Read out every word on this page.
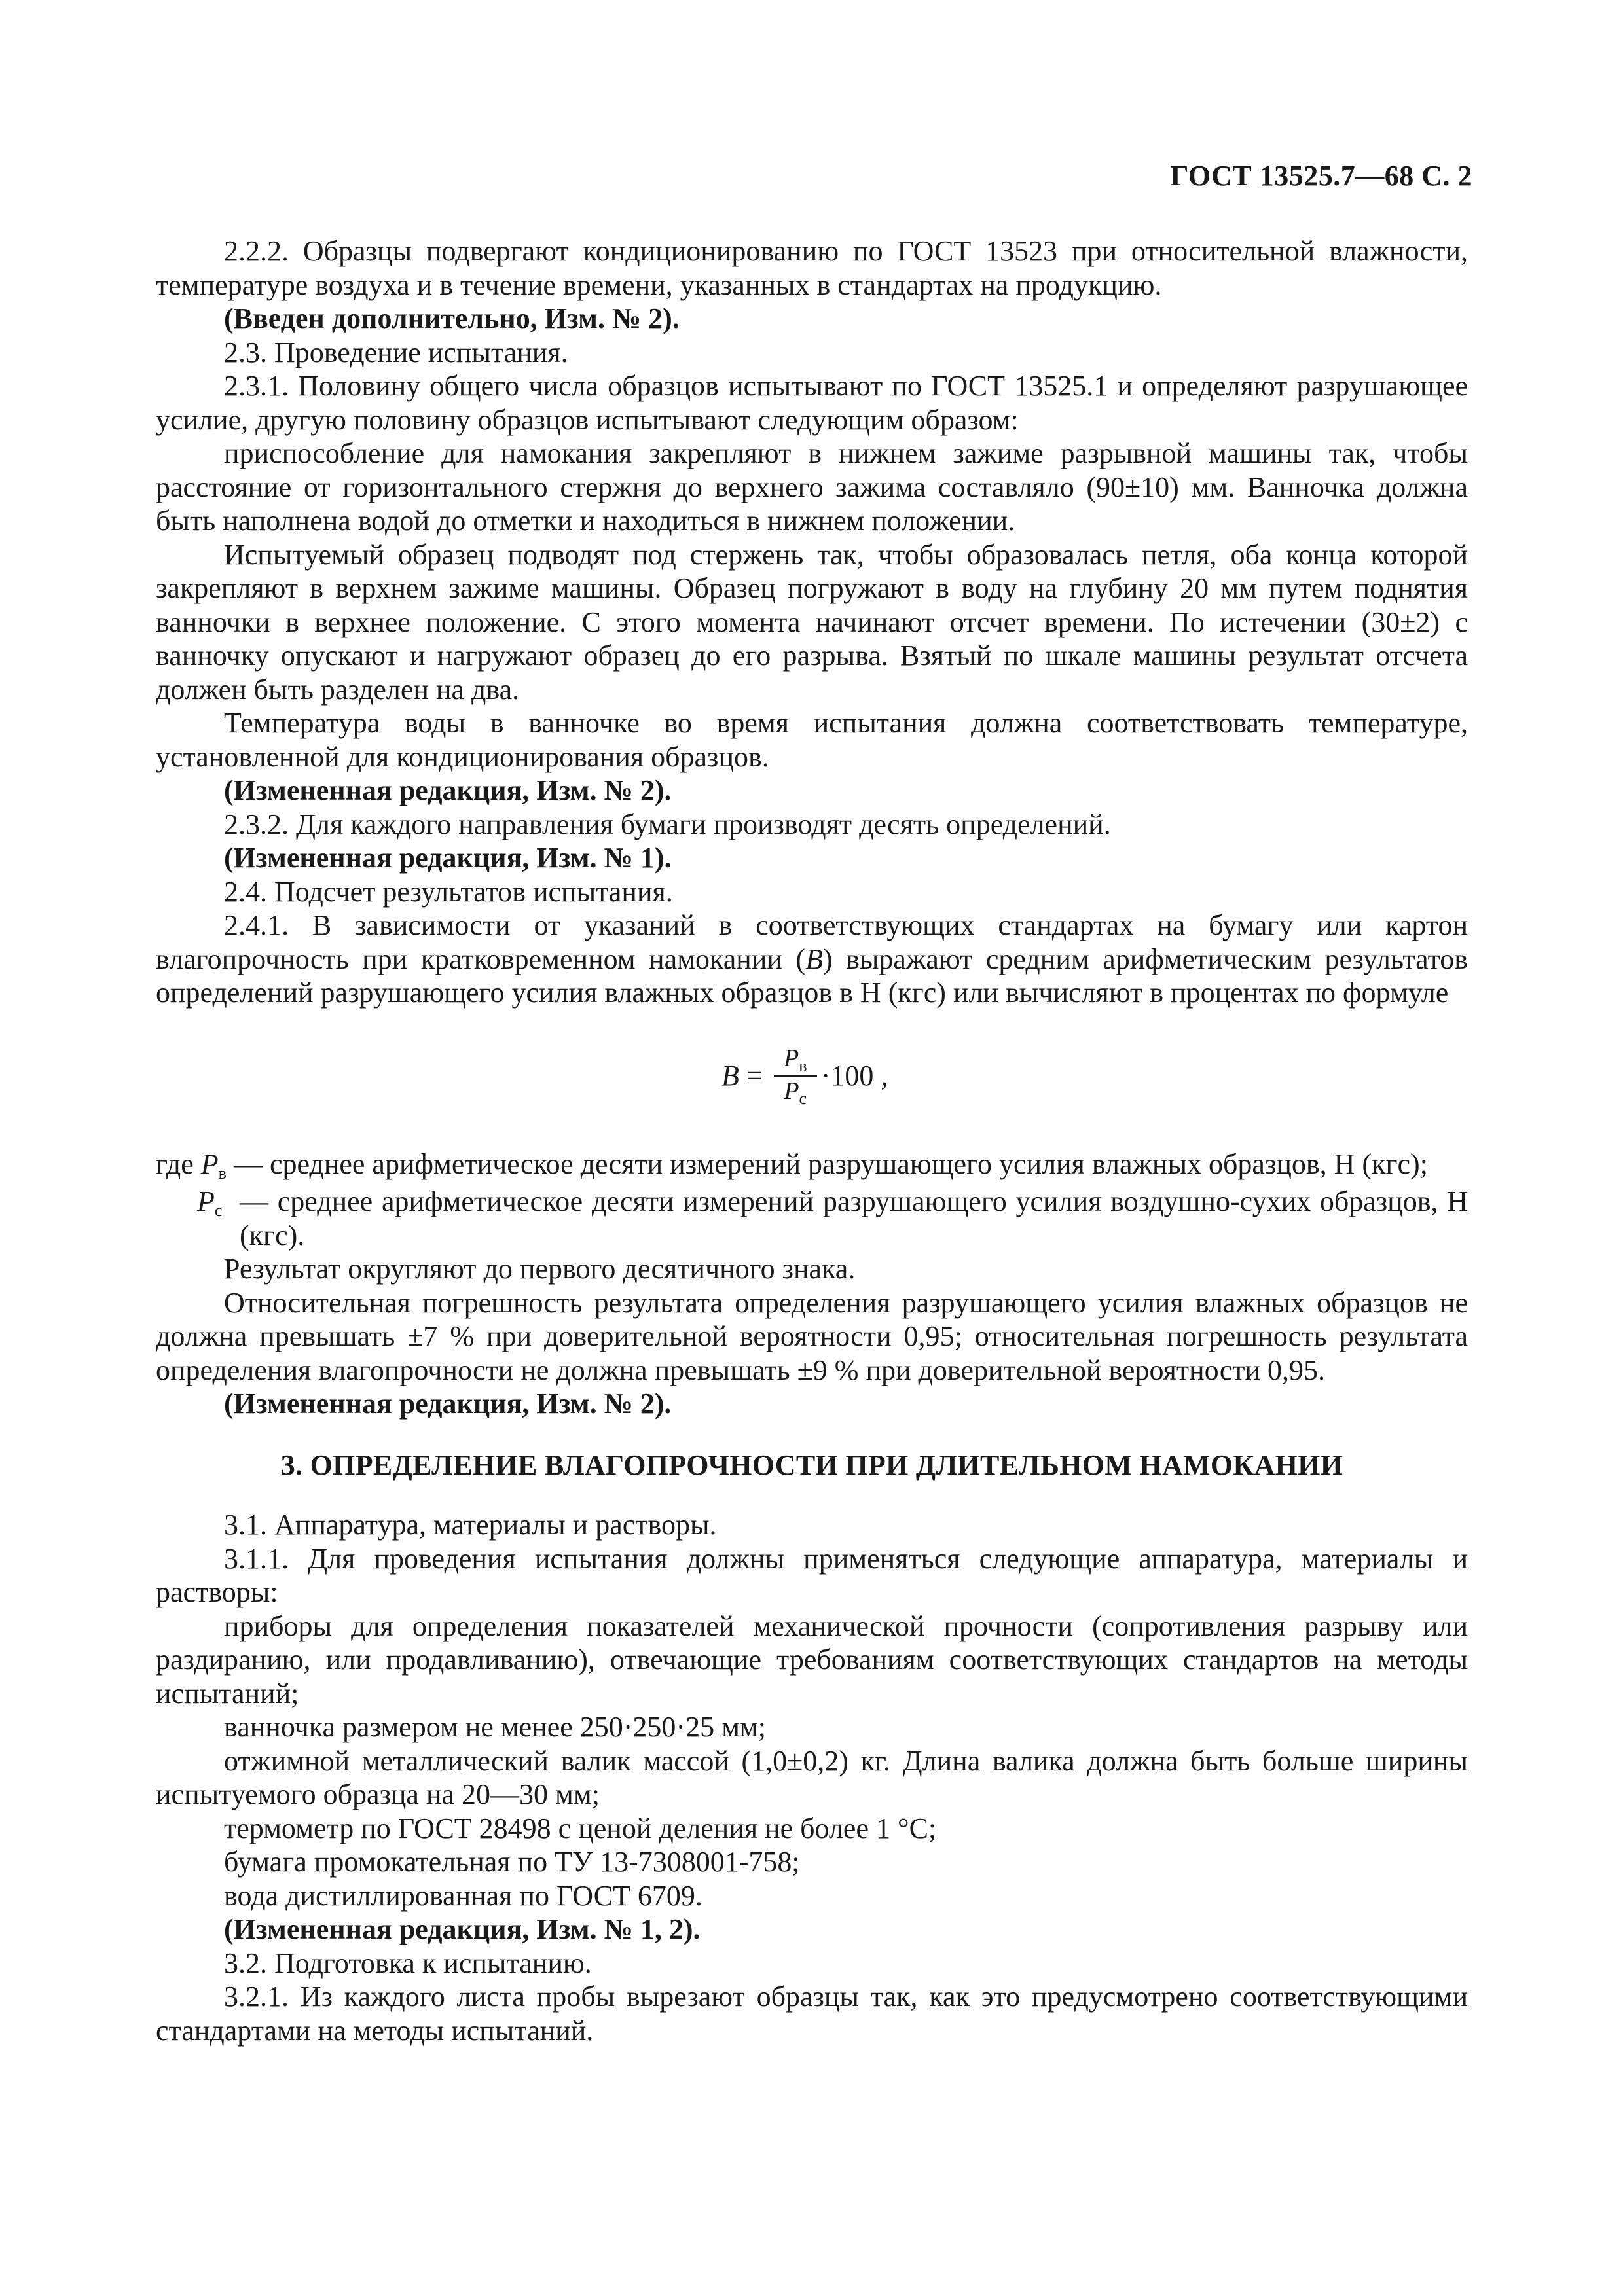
ГОСТ 13525.7—68 С. 2

2.2.2. Образцы подвергают кондиционированию по ГОСТ 13523 при относительной влажности, температуре воздуха и в течение времени, указанных в стандартах на продукцию.

(Введен дополнительно, Изм. № 2).

2.3. Проведение испытания.

2.3.1. Половину общего числа образцов испытывают по ГОСТ 13525.1 и определяют разрушающее усилие, другую половину образцов испытывают следующим образом:

приспособление для намокания закрепляют в нижнем зажиме разрывной машины так, чтобы расстояние от горизонтального стержня до верхнего зажима составляло (90±10) мм. Ванночка должна быть наполнена водой до отметки и находиться в нижнем положении.

Испытуемый образец подводят под стержень так, чтобы образовалась петля, оба конца которой закрепляют в верхнем зажиме машины. Образец погружают в воду на глубину 20 мм путем поднятия ванночки в верхнее положение. С этого момента начинают отсчет времени. По истечении (30±2) с ванночку опускают и нагружают образец до его разрыва. Взятый по шкале машины результат отсчета должен быть разделен на два.

Температура воды в ванночке во время испытания должна соответствовать температуре, установленной для кондиционирования образцов.

(Измененная редакция, Изм. № 2).

2.3.2. Для каждого направления бумаги производят десять определений.

(Измененная редакция, Изм. № 1).

2.4. Подсчет результатов испытания.

2.4.1. В зависимости от указаний в соответствующих стандартах на бумагу или картон влагопрочность при кратковременном намокании (B) выражают средним арифметическим результатов определений разрушающего усилия влажных образцов в Н (кгс) или вычисляют в процентах по формуле

$B = \frac{P_в}{P_с} \cdot 100$ ,

где Pв — среднее арифметическое десяти измерений разрушающего усилия влажных образцов, Н (кгс);

Pс — среднее арифметическое десяти измерений разрушающего усилия воздушно-сухих образцов, Н (кгс).

Результат округляют до первого десятичного знака.

Относительная погрешность результата определения разрушающего усилия влажных образцов не должна превышать ±7 % при доверительной вероятности 0,95; относительная погрешность результата определения влагопрочности не должна превышать ±9 % при доверительной вероятности 0,95.

(Измененная редакция, Изм. № 2).

3. ОПРЕДЕЛЕНИЕ ВЛАГОПРОЧНОСТИ ПРИ ДЛИТЕЛЬНОМ НАМОКАНИИ

3.1. Аппаратура, материалы и растворы.

3.1.1. Для проведения испытания должны применяться следующие аппаратура, материалы и растворы:

приборы для определения показателей механической прочности (сопротивления разрыву или раздиранию, или продавливанию), отвечающие требованиям соответствующих стандартов на методы испытаний;

ванночка размером не менее 250·250·25 мм;

отжимной металлический валик массой (1,0±0,2) кг. Длина валика должна быть больше ширины испытуемого образца на 20—30 мм;

термометр по ГОСТ 28498 с ценой деления не более 1 °С;

бумага промокательная по ТУ 13-7308001-758;

вода дистиллированная по ГОСТ 6709.

(Измененная редакция, Изм. № 1, 2).

3.2. Подготовка к испытанию.

3.2.1. Из каждого листа пробы вырезают образцы так, как это предусмотрено соответствующими стандартами на методы испытаний.
